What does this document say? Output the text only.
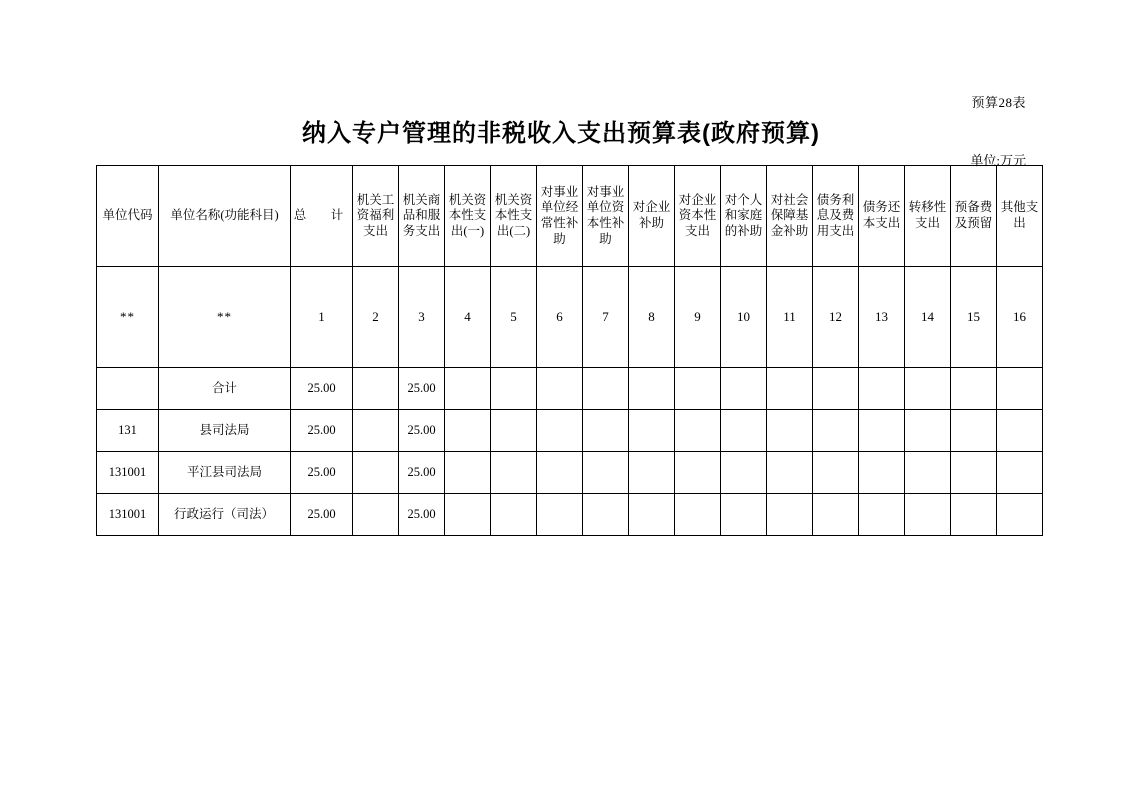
预算28表
纳入专户管理的非税收入支出预算表(政府预算)
单位:万元
单位代码	单位名称(功能科目)	总　计	机关工资福利支出	机关商品和服务支出	机关资本性支出(一)	机关资本性支出(二)	对事业单位经常性补助	对事业单位资本性补助	对企业补助	对企业资本性支出	对个人和家庭的补助	对社会保障基金补助	债务利息及费用支出	债务还本支出	转移性支出	预备费及预留	其他支出
**	**	1	2	3	4	5	6	7	8	9	10	11	12	13	14	15	16
	合计	25.00		25.00													
131	县司法局	25.00		25.00													
131001	平江县司法局	25.00		25.00													
131001	行政运行（司法）	25.00		25.00													
